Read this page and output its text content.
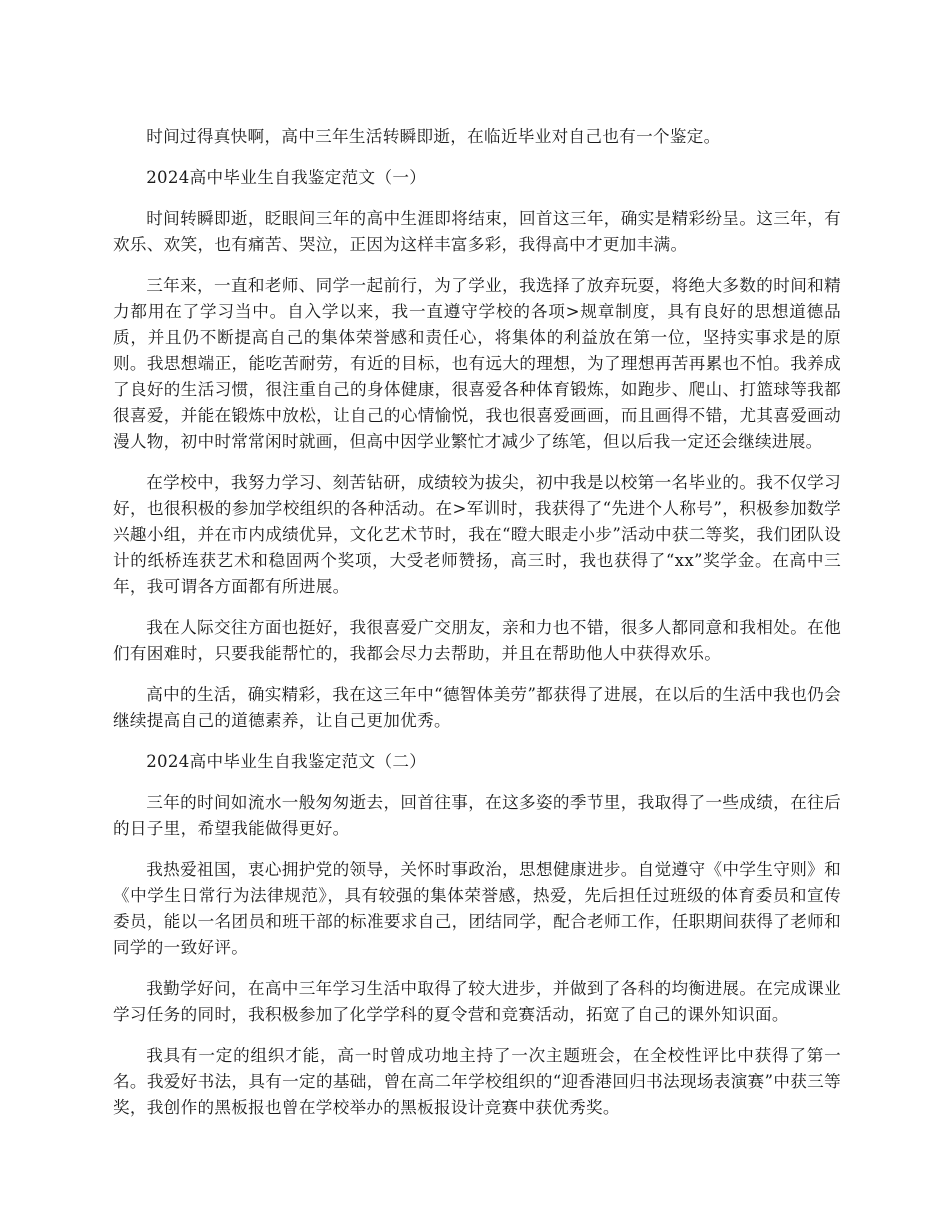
时间过得真快啊，高中三年生活转瞬即逝，在临近毕业对自己也有一个鉴定。

2024高中毕业生自我鉴定范文（一）

时间转瞬即逝，眨眼间三年的高中生涯即将结束，回首这三年，确实是精彩纷呈。这三年，有欢乐、欢笑，也有痛苦、哭泣，正因为这样丰富多彩，我得高中才更加丰满。

三年来，一直和老师、同学一起前行，为了学业，我选择了放弃玩耍，将绝大多数的时间和精力都用在了学习当中。自入学以来，我一直遵守学校的各项>规章制度，具有良好的思想道德品质，并且仍不断提高自己的集体荣誉感和责任心，将集体的利益放在第一位，坚持实事求是的原则。我思想端正，能吃苦耐劳，有近的目标，也有远大的理想，为了理想再苦再累也不怕。我养成了良好的生活习惯，很注重自己的身体健康，很喜爱各种体育锻炼，如跑步、爬山、打篮球等我都很喜爱，并能在锻炼中放松，让自己的心情愉悦，我也很喜爱画画，而且画得不错，尤其喜爱画动漫人物，初中时常常闲时就画，但高中因学业繁忙才减少了练笔，但以后我一定还会继续进展。

在学校中，我努力学习、刻苦钻研，成绩较为拔尖，初中我是以校第一名毕业的。我不仅学习好，也很积极的参加学校组织的各种活动。在>军训时，我获得了“先进个人称号”，积极参加数学兴趣小组，并在市内成绩优异，文化艺术节时，我在“瞪大眼走小步”活动中获二等奖，我们团队设计的纸桥连获艺术和稳固两个奖项，大受老师赞扬，高三时，我也获得了“xx”奖学金。在高中三年，我可谓各方面都有所进展。

我在人际交往方面也挺好，我很喜爱广交朋友，亲和力也不错，很多人都同意和我相处。在他们有困难时，只要我能帮忙的，我都会尽力去帮助，并且在帮助他人中获得欢乐。

高中的生活，确实精彩，我在这三年中“德智体美劳”都获得了进展，在以后的生活中我也仍会继续提高自己的道德素养，让自己更加优秀。

2024高中毕业生自我鉴定范文（二）

三年的时间如流水一般匆匆逝去，回首往事，在这多姿的季节里，我取得了一些成绩，在往后的日子里，希望我能做得更好。

我热爱祖国，衷心拥护党的领导，关怀时事政治，思想健康进步。自觉遵守《中学生守则》和《中学生日常行为法律规范》，具有较强的集体荣誉感，热爱，先后担任过班级的体育委员和宣传委员，能以一名团员和班干部的标准要求自己，团结同学，配合老师工作，任职期间获得了老师和同学的一致好评。

我勤学好问，在高中三年学习生活中取得了较大进步，并做到了各科的均衡进展。在完成课业学习任务的同时，我积极参加了化学学科的夏令营和竞赛活动，拓宽了自己的课外知识面。

我具有一定的组织才能，高一时曾成功地主持了一次主题班会，在全校性评比中获得了第一名。我爱好书法，具有一定的基础，曾在高二年学校组织的“迎香港回归书法现场表演赛”中获三等奖，我创作的黑板报也曾在学校举办的黑板报设计竞赛中获优秀奖。
